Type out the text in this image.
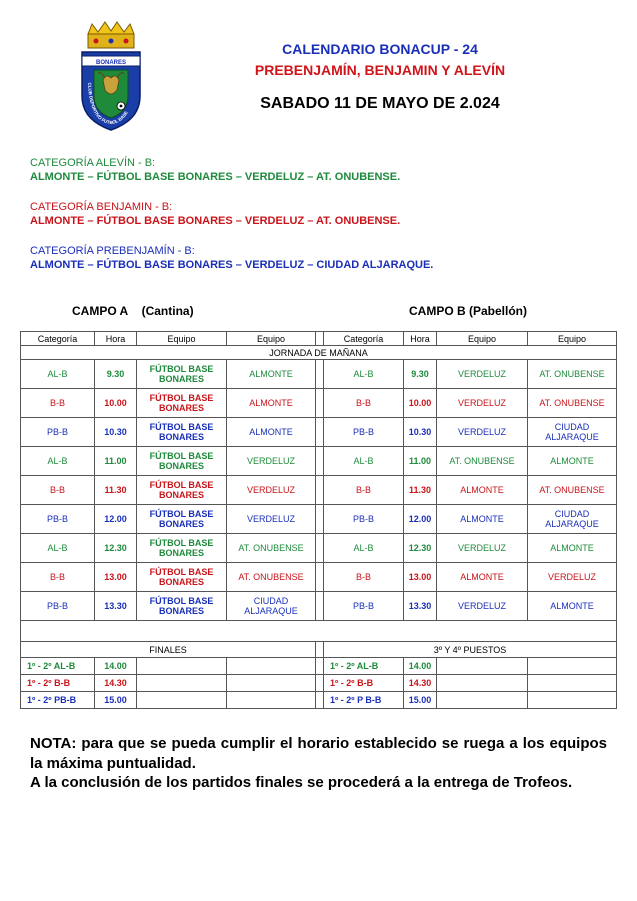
BONARES
CLUB DEPORTIVO FUTBOL BASE
CALENDARIO BONACUP - 24
PREBENJAMÍN, BENJAMIN Y ALEVÍN
SABADO 11 DE MAYO DE 2.024
CATEGORÍA ALEVÍN - B:
ALMONTE – FÚTBOL BASE BONARES – VERDELUZ – AT. ONUBENSE.
CATEGORÍA BENJAMIN - B:
ALMONTE – FÚTBOL BASE BONARES – VERDELUZ – AT. ONUBENSE.
CATEGORÍA PREBENJAMÍN - B:
ALMONTE – FÚTBOL BASE BONARES – VERDELUZ – CIUDAD ALJARAQUE.
CAMPO A (Cantina)	CAMPO B (Pabellón)
Categoría	Hora	Equipo	Equipo		Categoría	Hora	Equipo	Equipo
JORNADA DE MAÑANA								
AL-B	9.30	FÚTBOL BASE BONARES	ALMONTE		AL-B	9.30	VERDELUZ	AT. ONUBENSE
B-B	10.00	FÚTBOL BASE BONARES	ALMONTE		B-B	10.00	VERDELUZ	AT. ONUBENSE
PB-B	10.30	FÚTBOL BASE BONARES	ALMONTE		PB-B	10.30	VERDELUZ	CIUDAD ALJARAQUE
AL-B	11.00	FÚTBOL BASE BONARES	VERDELUZ		AL-B	11.00	AT. ONUBENSE	ALMONTE
B-B	11.30	FÚTBOL BASE BONARES	VERDELUZ		B-B	11.30	ALMONTE	AT. ONUBENSE
PB-B	12.00	FÚTBOL BASE BONARES	VERDELUZ		PB-B	12.00	ALMONTE	CIUDAD ALJARAQUE
AL-B	12.30	FÚTBOL BASE BONARES	AT. ONUBENSE		AL-B	12.30	VERDELUZ	ALMONTE
B-B	13.00	FÚTBOL BASE BONARES	AT. ONUBENSE		B-B	13.00	ALMONTE	VERDELUZ
PB-B	13.30	FÚTBOL BASE BONARES	CIUDAD ALJARAQUE		PB-B	13.30	VERDELUZ	ALMONTE

FINALES					3º Y 4º PUESTOS			
1º - 2º AL-B	14.00				1º - 2º AL-B	14.00		
1º - 2º B-B	14.30				1º - 2º B-B	14.30		
1º - 2º PB-B	15.00				1º - 2º P B-B	15.00		
NOTA: para que se pueda cumplir el horario establecido se ruega a los equipos la máxima puntualidad.
A la conclusión de los partidos finales se procederá a la entrega de Trofeos.
